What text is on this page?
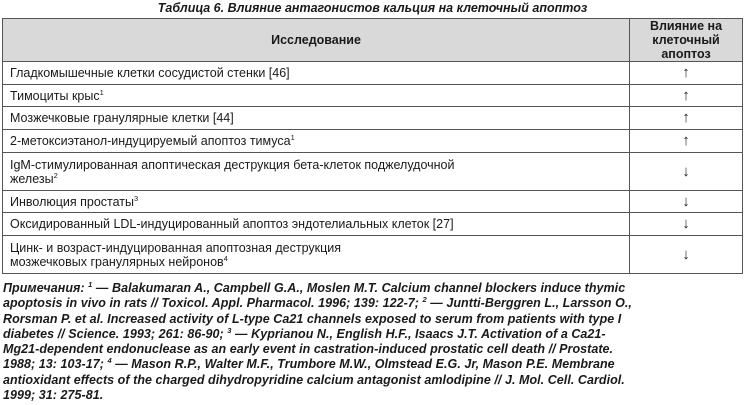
Таблица 6. Влияние антагонистов кальция на клеточный апоптоз
Исследование	Влияние на клеточный
апоптоз
Гладкомышечные клетки сосудистой стенки [46]	↑
Тимоциты крыс$^1$	↑
Мозжечковые гранулярные клетки [44]	↑
2-метоксиэтанол-индуцируемый апоптоз тимуса$^1$	↑
IgM-стимулированная апоптическая деструкция бета-клеток поджелудочной
железы$^2$	↓
Инволюция простаты$^3$	↓
Оксидированный LDL-индуцированный апоптоз эндотелиальных клеток [27]	↓
Цинк- и возраст-индуцированная апоптозная деструкция
мозжечковых гранулярных нейронов$^4$	↓
Примечания: $^1$ — Balakumaran A., Campbell G.A., Moslen M.T. Calcium channel blockers induce thymic
apoptosis in vivo in rats // Toxicol. Appl. Pharmacol. 1996; 139: 122-7; $^2$ — Juntti-Berggren L., Larsson O.,
Rorsman P. et al. Increased activity of L-type Ca21 channels exposed to serum from patients with type I
diabetes // Science. 1993; 261: 86-90; $^3$ — Kyprianou N., English H.F., Isaacs J.T. Activation of a Ca21-
Mg21-dependent endonuclease as an early event in castration-induced prostatic cell death // Prostate.
1988; 13: 103-17; $^4$ — Mason R.P., Walter M.F., Trumbore M.W., Olmstead E.G. Jr, Mason P.E. Membrane
antioxidant effects of the charged dihydropyridine calcium antagonist amlodipine // J. Mol. Cell. Cardiol.
1999; 31: 275-81.
